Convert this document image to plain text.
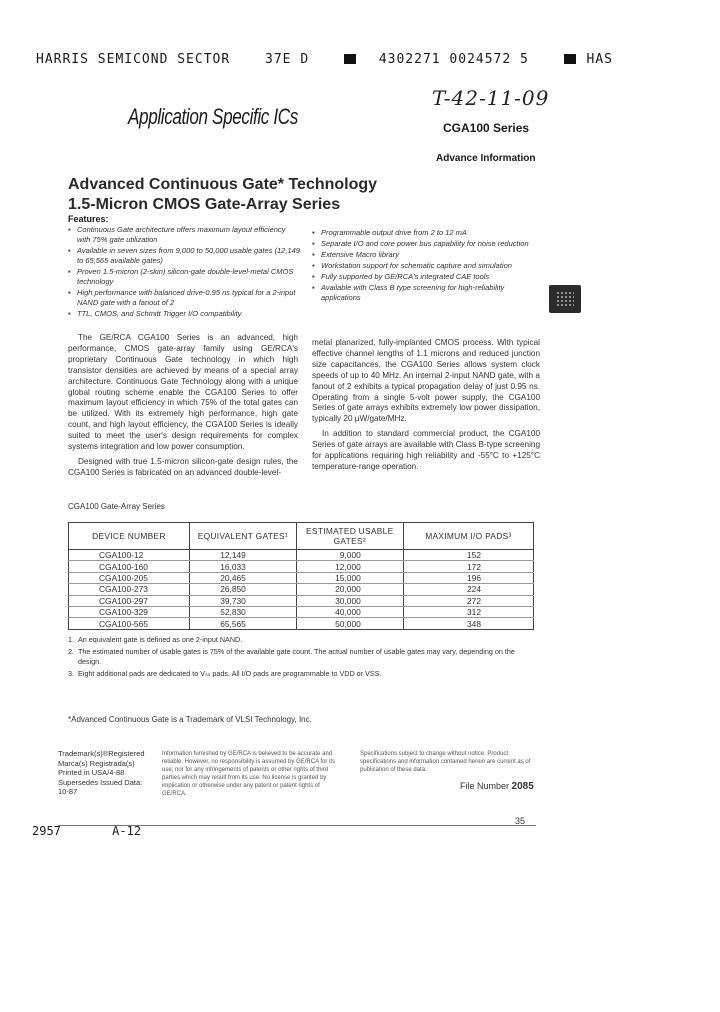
HARRIS SEMICOND SECTOR	37E D	4302271 0024572 5	HAS
T-42-11-09
Application Specific ICs	CGA100 Series
Advance Information
Advanced Continuous Gate* Technology
1.5-Micron CMOS Gate-Array Series
Features:
▪ Continuous Gate architecture offers maximum layout efficiency with 75% gate utilization
▪ Available in seven sizes from 9,000 to 50,000 usable gates (12,149 to 65,565 available gates)
▪ Proven 1.5-micron (2-skin) silicon-gate double-level-metal CMOS technology
▪ High performance with balanced drive-0.95 ns typical for a 2-input NAND gate with a fanout of 2
▪ TTL, CMOS, and Schmitt Trigger I/O compatibility
▪ Programmable output drive from 2 to 12 mA
▪ Separate I/O and core power bus capability for noise reduction
▪ Extensive Macro library
▪ Workstation support for schematic capture and simulation
▪ Fully supported by GE/RCA's integrated CAE tools
▪ Available with Class B type screening for high-reliability applications

The GE/RCA CGA100 Series is an advanced, high performance, CMOS gate-array family using GE/RCA's proprietary Continuous Gate technology in which high transistor densities are achieved by means of a special array architecture. Continuous Gate Technology along with a unique global routing scheme enable the CGA100 Series to offer maximum layout efficiency in which 75% of the total gates can be utilized. With its extremely high performance, high gate count, and high layout efficiency, the CGA100 Series is ideally suited to meet the user's design requirements for complex systems integration and low power consumption.

Designed with true 1.5-micron silicon-gate design rules, the CGA100 Series is fabricated on an advanced double-level-

metal planarized, fully-implanted CMOS process. With typical effective channel lengths of 1.1 microns and reduced junction size capacitances, the CGA100 Series allows system clock speeds of up to 40 MHz. An internal 2-input NAND gate, with a fanout of 2 exhibits a typical propagation delay of just 0.95 ns. Operating from a single 5-volt power supply, the CGA100 Series of gate arrays exhibits extremely low power dissipation, typically 20 µW/gate/MHz.

In addition to standard commercial product, the CGA100 Series of gate arrays are available with Class B-type screening for applications requiring high reliability and -55°C to +125°C temperature-range operation.

CGA100 Gate-Array Series
DEVICE NUMBER	EQUIVALENT GATES¹	ESTIMATED USABLE GATES²	MAXIMUM I/O PADS³
CGA100-12	12,149	9,000	152
CGA100-160	16,033	12,000	172
CGA100-205	20,465	15,000	196
CGA100-273	26,850	20,000	224
CGA100-297	39,730	30,000	272
CGA100-329	52,830	40,000	312
CGA100-565	65,565	50,000	348
1. An equivalent gate is defined as one 2-input NAND.
2. The estimated number of usable gates is 75% of the available gate count. The actual number of usable gates may vary, depending on the design.
3. Eight additional pads are dedicated to Vₛₛ pads. All I/O pads are programmable to VDD or VSS.
*Advanced Continuous Gate is a Trademark of VLSI Technology, Inc.
Trademark(s)®Registered Marca(s) Registrada(s) Printed in USA/4-88 Supersedes Issued Data: 10-87
Information furnished by GE/RCA is believed to be accurate and reliable. However, no responsibility is assumed by GE/RCA for its use; nor for any infringements of patents or other rights of third parties which may result from its use. No license is granted by implication or otherwise under any patent or patent rights of GE/RCA.
Specifications subject to change without notice. Product specifications and information contained herein are current as of publication of these data.
File Number 2085
35
2957	A-12
